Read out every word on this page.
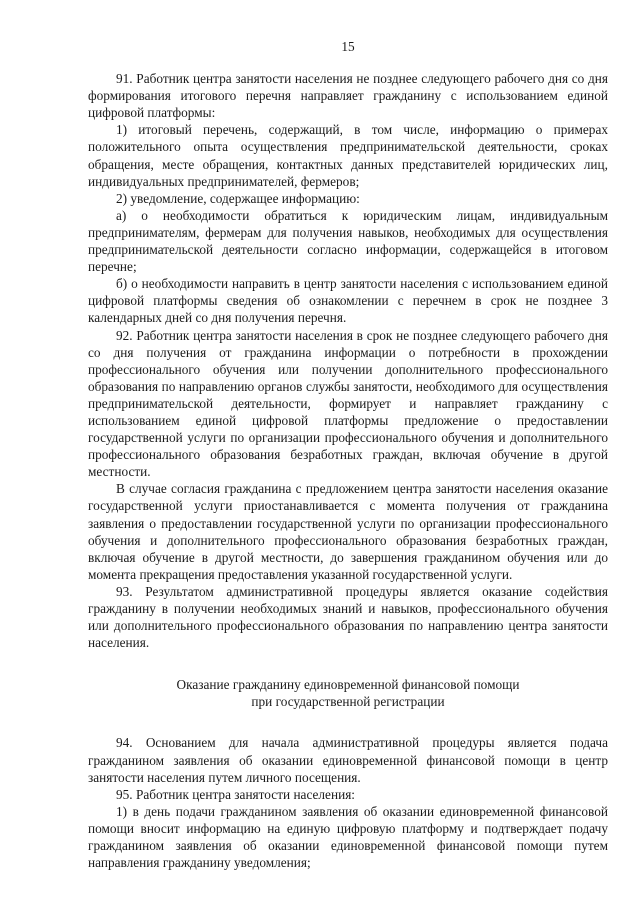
15

91. Работник центра занятости населения не позднее следующего рабочего дня со дня формирования итогового перечня направляет гражданину с использованием единой цифровой платформы:

1) итоговый перечень, содержащий, в том числе, информацию о примерах положительного опыта осуществления предпринимательской деятельности, сроках обращения, месте обращения, контактных данных представителей юридических лиц, индивидуальных предпринимателей, фермеров;

2) уведомление, содержащее информацию:

а) о необходимости обратиться к юридическим лицам, индивидуальным предпринимателям, фермерам для получения навыков, необходимых для осуществления предпринимательской деятельности согласно информации, содержащейся в итоговом перечне;

б) о необходимости направить в центр занятости населения с использованием единой цифровой платформы сведения об ознакомлении с перечнем в срок не позднее 3 календарных дней со дня получения перечня.

92. Работник центра занятости населения в срок не позднее следующего рабочего дня со дня получения от гражданина информации о потребности в прохождении профессионального обучения или получении дополнительного профессионального образования по направлению органов службы занятости, необходимого для осуществления предпринимательской деятельности, формирует и направляет гражданину с использованием единой цифровой платформы предложение о предоставлении государственной услуги по организации профессионального обучения и дополнительного профессионального образования безработных граждан, включая обучение в другой местности.

В случае согласия гражданина с предложением центра занятости населения оказание государственной услуги приостанавливается с момента получения от гражданина заявления о предоставлении государственной услуги по организации профессионального обучения и дополнительного профессионального образования безработных граждан, включая обучение в другой местности, до завершения гражданином обучения или до момента прекращения предоставления указанной государственной услуги.

93. Результатом административной процедуры является оказание содействия гражданину в получении необходимых знаний и навыков, профессионального обучения или дополнительного профессионального образования по направлению центра занятости населения.

Оказание гражданину единовременной финансовой помощи
при государственной регистрации

94. Основанием для начала административной процедуры является подача гражданином заявления об оказании единовременной финансовой помощи в центр занятости населения путем личного посещения.

95. Работник центра занятости населения:

1) в день подачи гражданином заявления об оказании единовременной финансовой помощи вносит информацию на единую цифровую платформу и подтверждает подачу гражданином заявления об оказании единовременной финансовой помощи путем направления гражданину уведомления;
